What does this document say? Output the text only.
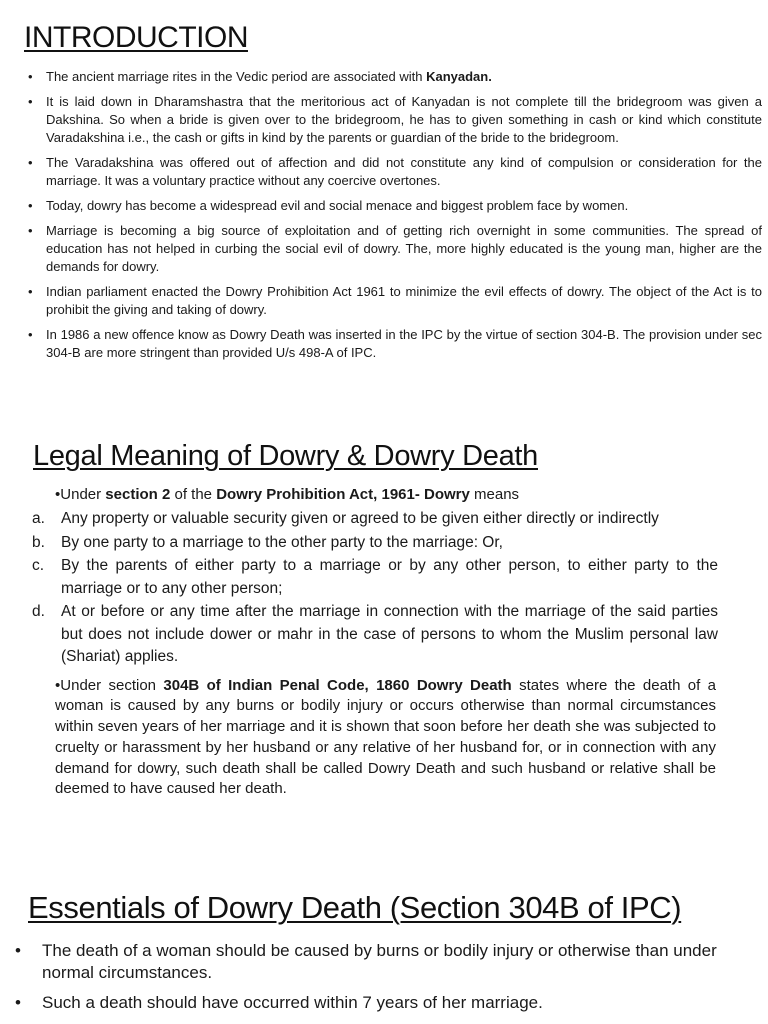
INTRODUCTION
• The ancient marriage rites in the Vedic period are associated with Kanyadan.
• It is laid down in Dharamshastra that the meritorious act of Kanyadan is not complete till the bridegroom was given a Dakshina. So when a bride is given over to the bridegroom, he has to given something in cash or kind which constitute Varadakshina i.e., the cash or gifts in kind by the parents or guardian of the bride to the bridegroom.
• The Varadakshina was offered out of affection and did not constitute any kind of compulsion or consideration for the marriage. It was a voluntary practice without any coercive overtones.
• Today, dowry has become a widespread evil and social menace and biggest problem face by women.
• Marriage is becoming a big source of exploitation and of getting rich overnight in some communities. The spread of education has not helped in curbing the social evil of dowry. The, more highly educated is the young man, higher are the demands for dowry.
• Indian parliament enacted the Dowry Prohibition Act 1961 to minimize the evil effects of dowry. The object of the Act is to prohibit the giving and taking of dowry.
• In 1986 a new offence know as Dowry Death was inserted in the IPC by the virtue of section 304-B. The provision under sec 304-B are more stringent than provided U/s 498-A of IPC.
Legal Meaning of Dowry & Dowry Death
•Under section 2 of the Dowry Prohibition Act, 1961- Dowry means
a. Any property or valuable security given or agreed to be given either directly or indirectly
b. By one party to a marriage to the other party to the marriage: Or,
c. By the parents of either party to a marriage or by any other person, to either party to the marriage or to any other person;
d. At or before or any time after the marriage in connection with the marriage of the said parties but does not include dower or mahr in the case of persons to whom the Muslim personal law (Shariat) applies.
•Under section 304B of Indian Penal Code, 1860 Dowry Death states where the death of a woman is caused by any burns or bodily injury or occurs otherwise than normal circumstances within seven years of her marriage and it is shown that soon before her death she was subjected to cruelty or harassment by her husband or any relative of her husband for, or in connection with any demand for dowry, such death shall be called Dowry Death and such husband or relative shall be deemed to have caused her death.
Essentials of Dowry Death (Section 304B of IPC)
• The death of a woman should be caused by burns or bodily injury or otherwise than under normal circumstances.
• Such a death should have occurred within 7 years of her marriage.
